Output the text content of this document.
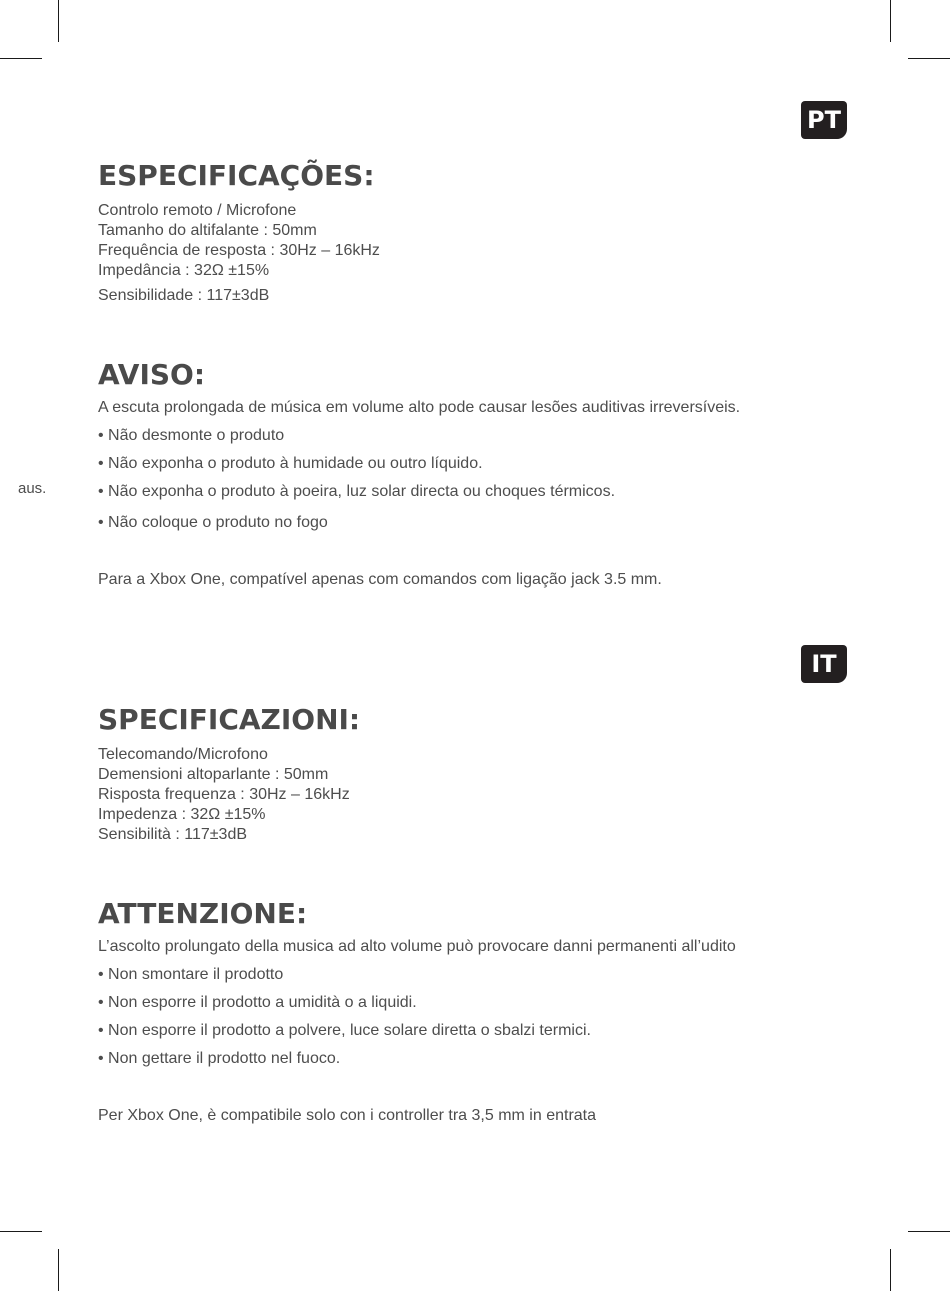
aus.
PT
ESPECIFICAÇÕES:
Controlo remoto / Microfone
Tamanho do altifalante : 50mm
Frequência de resposta : 30Hz – 16kHz
Impedância : 32Ω ±15%
Sensibilidade : 117±3dB
AVISO:
A escuta prolongada de música em volume alto pode causar lesões auditivas irreversíveis.
• Não desmonte o produto
• Não exponha o produto à humidade ou outro líquido.
• Não exponha o produto à poeira, luz solar directa ou choques térmicos.
• Não coloque o produto no fogo
Para a Xbox One, compatível apenas com comandos com ligação jack 3.5 mm.
IT
SPECIFICAZIONI:
Telecomando/Microfono
Demensioni altoparlante : 50mm
Risposta frequenza : 30Hz – 16kHz
Impedenza : 32Ω ±15%
Sensibilità : 117±3dB
ATTENZIONE:
L’ascolto prolungato della musica ad alto volume può provocare danni permanenti all’udito
• Non smontare il prodotto
• Non esporre il prodotto a umidità o a liquidi.
• Non esporre il prodotto a polvere, luce solare diretta o sbalzi termici.
• Non gettare il prodotto nel fuoco.
Per Xbox One, è compatibile solo con i controller tra 3,5 mm in entrata
